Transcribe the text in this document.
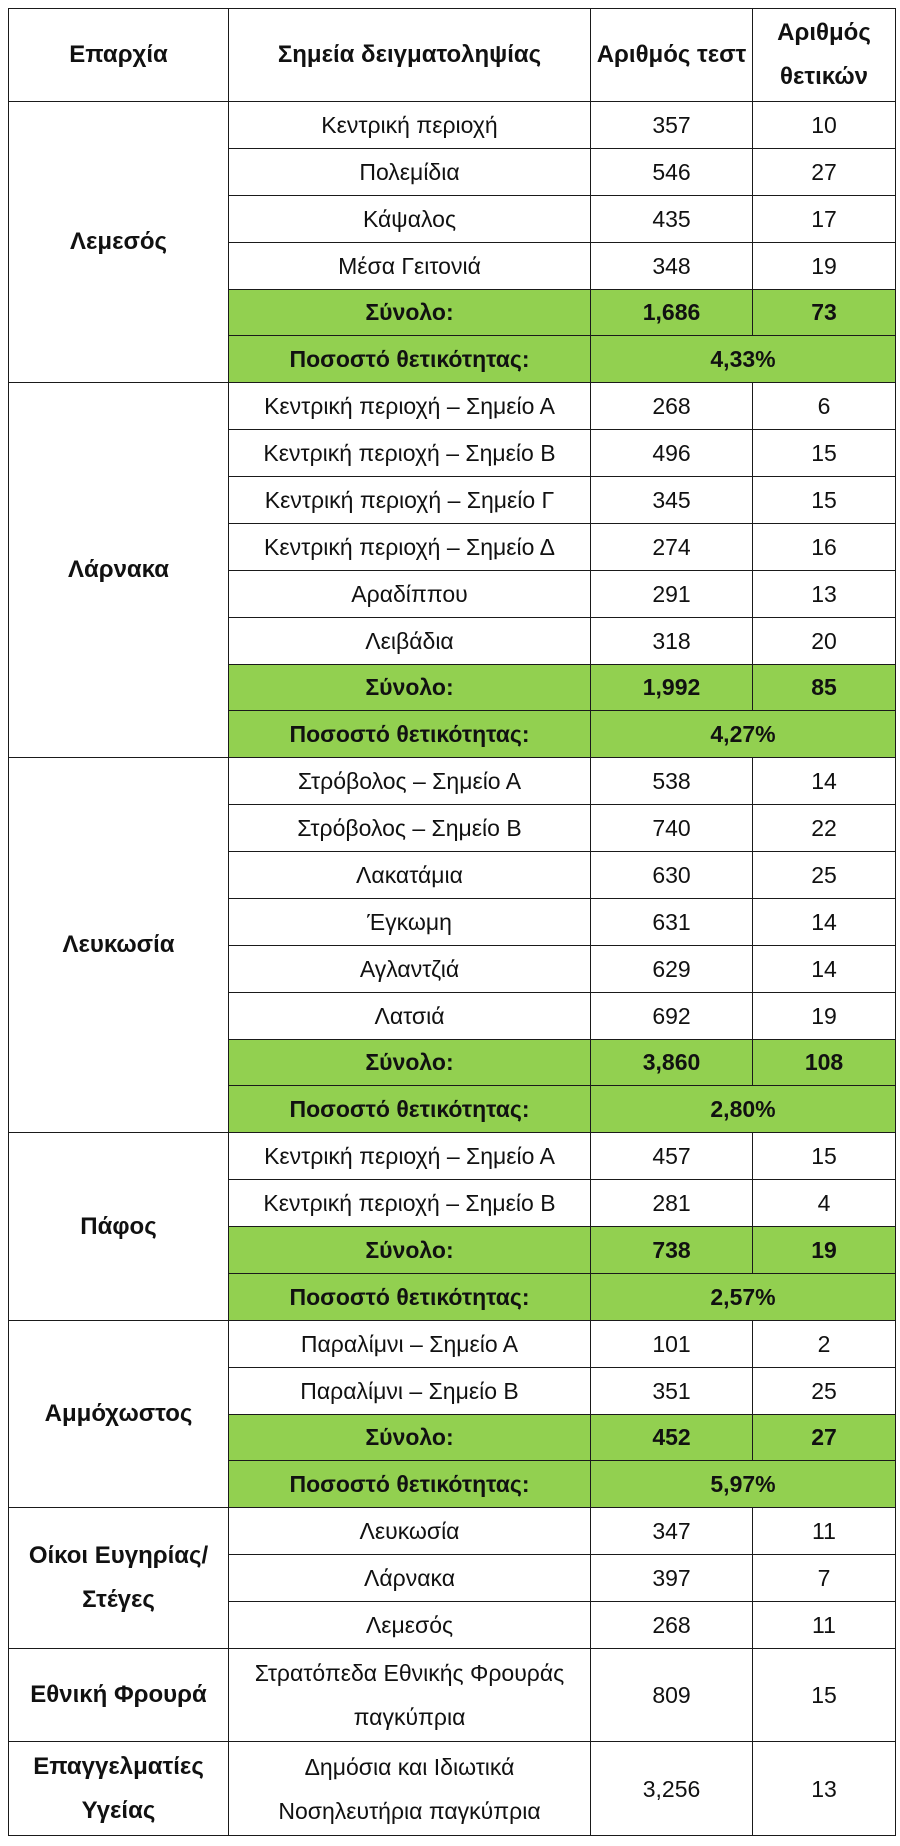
Επαρχία	Σημεία δειγματοληψίας	Αριθμός τεστ	Αριθμός θετικών
Λεμεσός	Κεντρική περιοχή	357	10
	Πολεμίδια	546	27
	Κάψαλος	435	17
	Μέσα Γειτονιά	348	19
	Σύνολο:	1,686	73
	Ποσοστό θετικότητας:	4,33%	
Λάρνακα	Κεντρική περιοχή – Σημείο Α	268	6
	Κεντρική περιοχή – Σημείο Β	496	15
	Κεντρική περιοχή – Σημείο Γ	345	15
	Κεντρική περιοχή – Σημείο Δ	274	16
	Αραδίππου	291	13
	Λειβάδια	318	20
	Σύνολο:	1,992	85
	Ποσοστό θετικότητας:	4,27%	
Λευκωσία	Στρόβολος – Σημείο Α	538	14
	Στρόβολος – Σημείο Β	740	22
	Λακατάμια	630	25
	Έγκωμη	631	14
	Αγλαντζιά	629	14
	Λατσιά	692	19
	Σύνολο:	3,860	108
	Ποσοστό θετικότητας:	2,80%	
Πάφος	Κεντρική περιοχή – Σημείο Α	457	15
	Κεντρική περιοχή – Σημείο Β	281	4
	Σύνολο:	738	19
	Ποσοστό θετικότητας:	2,57%	
Αμμόχωστος	Παραλίμνι – Σημείο Α	101	2
	Παραλίμνι – Σημείο Β	351	25
	Σύνολο:	452	27
	Ποσοστό θετικότητας:	5,97%	
Οίκοι Ευγηρίας/Στέγες	Λευκωσία	347	11
	Λάρνακα	397	7
	Λεμεσός	268	11
Εθνική Φρουρά	Στρατόπεδα Εθνικής Φρουράς παγκύπρια	809	15
Επαγγελματίες Υγείας	Δημόσια και Ιδιωτικά Νοσηλευτήρια παγκύπρια	3,256	13
